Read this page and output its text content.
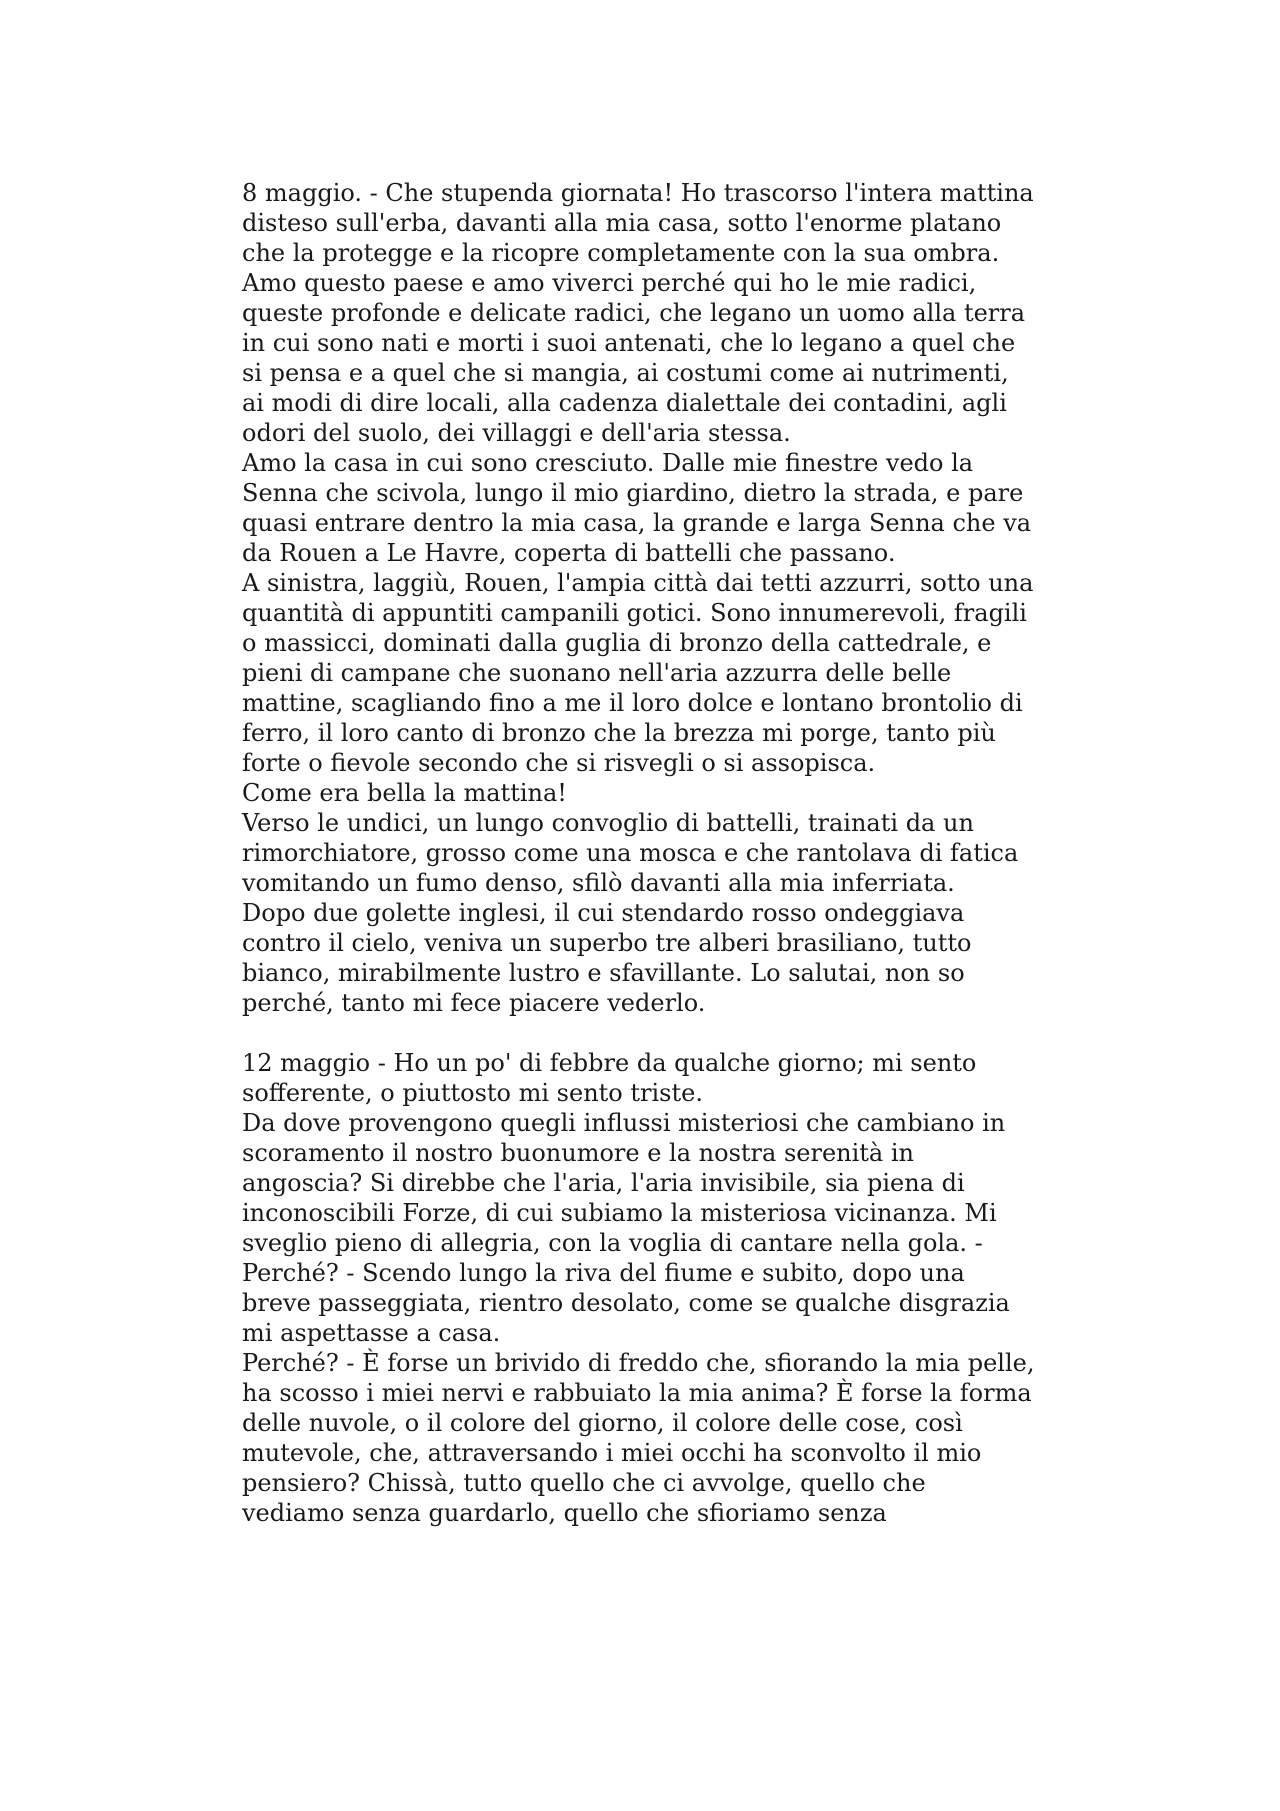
8 maggio. - Che stupenda giornata! Ho trascorso l'intera mattina
disteso sull'erba, davanti alla mia casa, sotto l'enorme platano
che la protegge e la ricopre completamente con la sua ombra.
Amo questo paese e amo viverci perché qui ho le mie radici,
queste profonde e delicate radici, che legano un uomo alla terra
in cui sono nati e morti i suoi antenati, che lo legano a quel che
si pensa e a quel che si mangia, ai costumi come ai nutrimenti,
ai modi di dire locali, alla cadenza dialettale dei contadini, agli
odori del suolo, dei villaggi e dell'aria stessa.
Amo la casa in cui sono cresciuto. Dalle mie finestre vedo la
Senna che scivola, lungo il mio giardino, dietro la strada, e pare
quasi entrare dentro la mia casa, la grande e larga Senna che va
da Rouen a Le Havre, coperta di battelli che passano.
A sinistra, laggiù, Rouen, l'ampia città dai tetti azzurri, sotto una
quantità di appuntiti campanili gotici. Sono innumerevoli, fragili
o massicci, dominati dalla guglia di bronzo della cattedrale, e
pieni di campane che suonano nell'aria azzurra delle belle
mattine, scagliando fino a me il loro dolce e lontano brontolio di
ferro, il loro canto di bronzo che la brezza mi porge, tanto più
forte o fievole secondo che si risvegli o si assopisca.
Come era bella la mattina!
Verso le undici, un lungo convoglio di battelli, trainati da un
rimorchiatore, grosso come una mosca e che rantolava di fatica
vomitando un fumo denso, sfilò davanti alla mia inferriata.
Dopo due golette inglesi, il cui stendardo rosso ondeggiava
contro il cielo, veniva un superbo tre alberi brasiliano, tutto
bianco, mirabilmente lustro e sfavillante. Lo salutai, non so
perché, tanto mi fece piacere vederlo.
12 maggio - Ho un po' di febbre da qualche giorno; mi sento
sofferente, o piuttosto mi sento triste.
Da dove provengono quegli influssi misteriosi che cambiano in
scoramento il nostro buonumore e la nostra serenità in
angoscia? Si direbbe che l'aria, l'aria invisibile, sia piena di
inconoscibili Forze, di cui subiamo la misteriosa vicinanza. Mi
sveglio pieno di allegria, con la voglia di cantare nella gola. -
Perché? - Scendo lungo la riva del fiume e subito, dopo una
breve passeggiata, rientro desolato, come se qualche disgrazia
mi aspettasse a casa.
Perché? - È forse un brivido di freddo che, sfiorando la mia pelle,
ha scosso i miei nervi e rabbuiato la mia anima? È forse la forma
delle nuvole, o il colore del giorno, il colore delle cose, così
mutevole, che, attraversando i miei occhi ha sconvolto il mio
pensiero? Chissà, tutto quello che ci avvolge, quello che
vediamo senza guardarlo, quello che sfioriamo senza
